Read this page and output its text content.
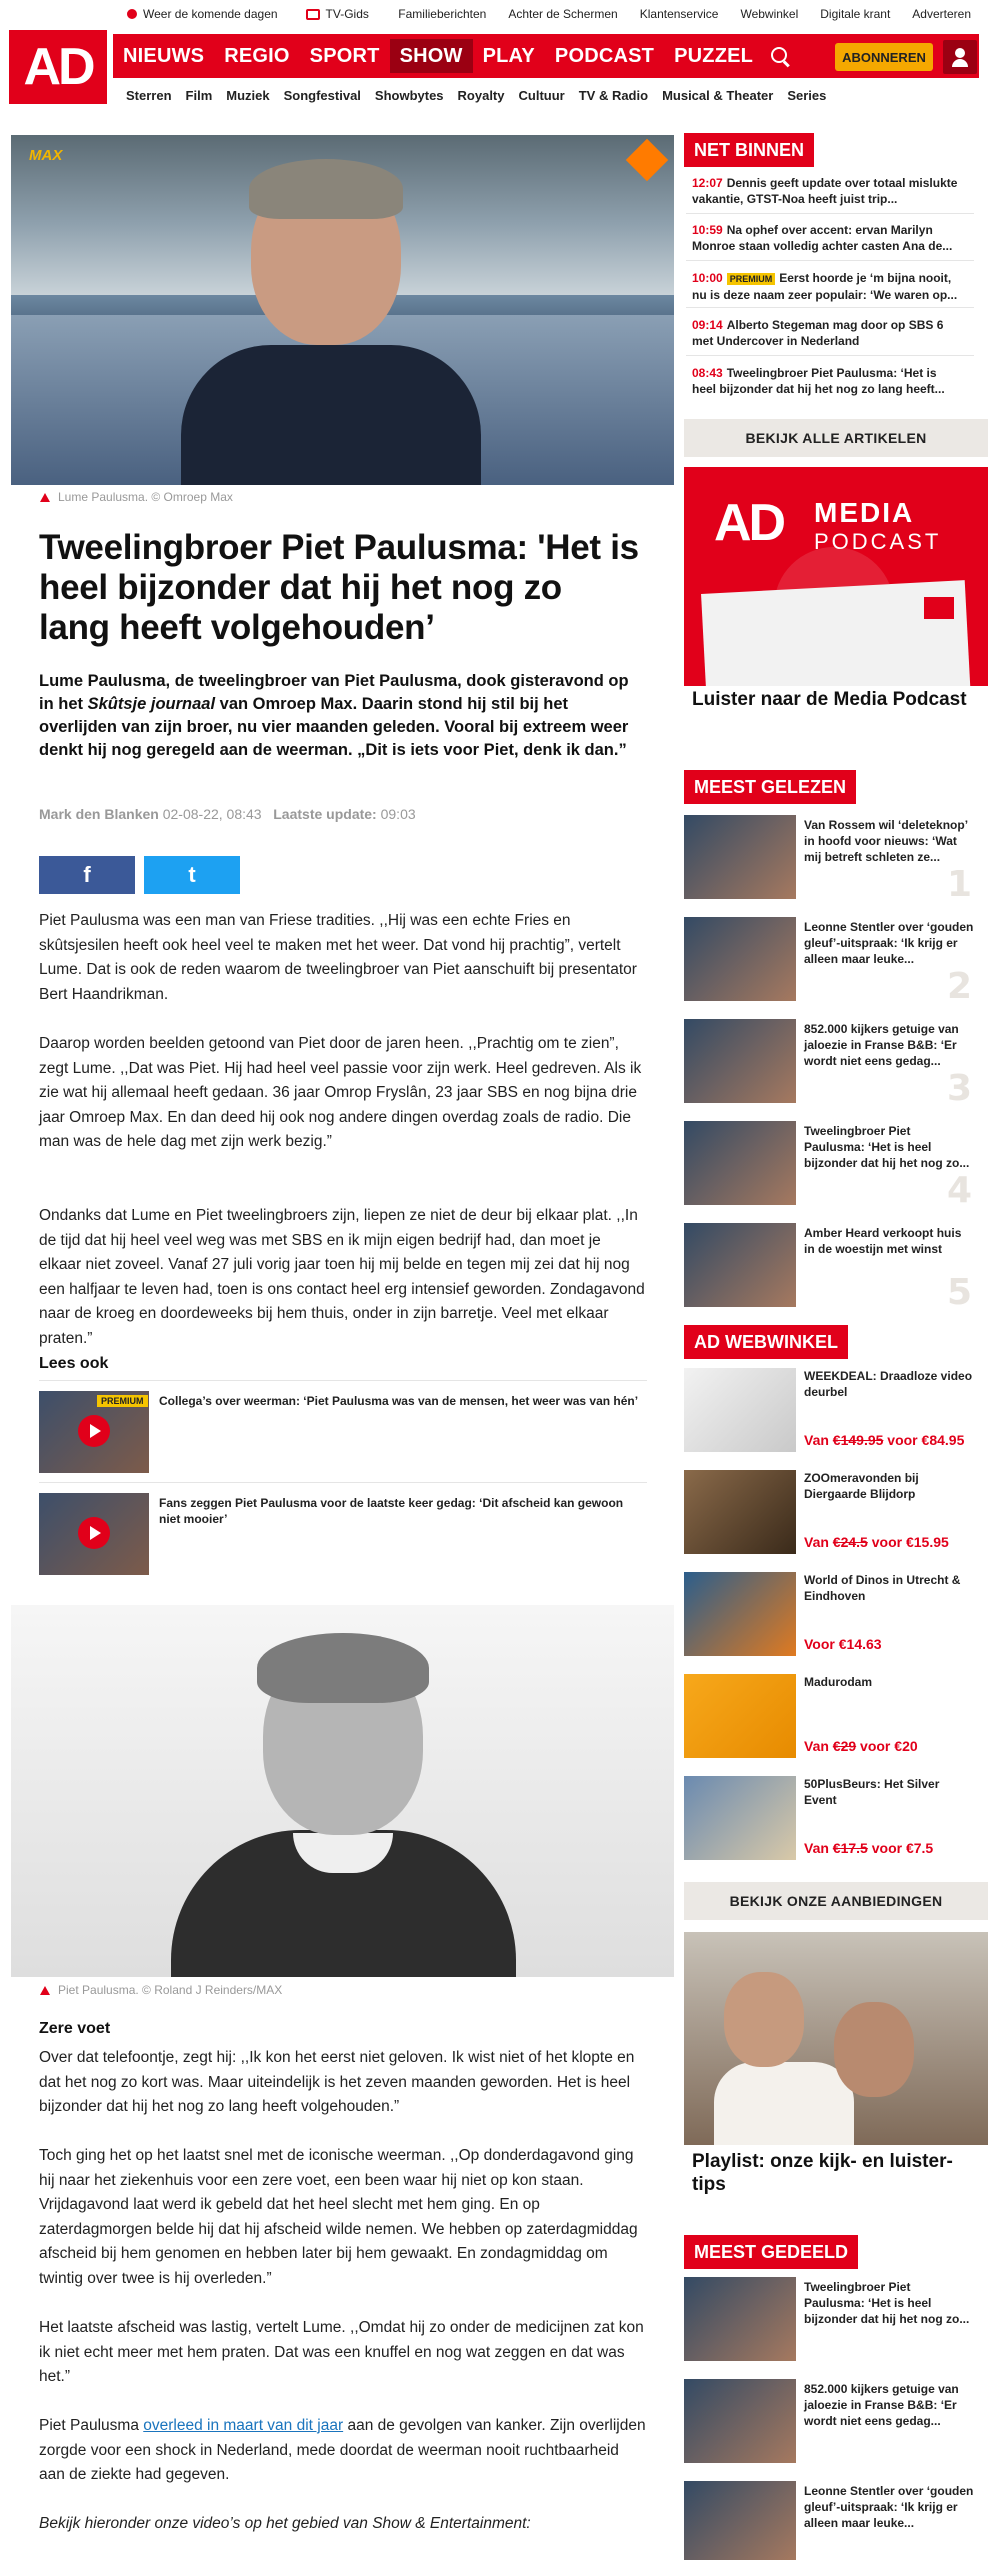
Weer de komende dagen	TV-Gids Familieberichten Achter de Schermen Klantenservice Webwinkel Digitale krant Adverteren
AD	NIEUWS	REGIO	SPORT	SHOW	PLAY	PODCAST	PUZZEL	ABONNEREN
Sterren Film Muziek Songfestival Showbytes Royalty Cultuur TV & Radio Musical & Theater Series
MAX
Lume Paulusma. © Omroep Max
Tweelingbroer Piet Paulusma: 'Het is heel bijzonder dat hij het nog zo lang heeft volgehouden’

Lume Paulusma, de tweelingbroer van Piet Paulusma, dook gisteravond op in het Skûtsje journaal van Omroep Max. Daarin stond hij stil bij het overlijden van zijn broer, nu vier maanden geleden. Vooral bij extreem weer denkt hij nog geregeld aan de weerman. „Dit is iets voor Piet, denk ik dan.”

Mark den Blanken 02-08-22, 08:43 Laatste update: 09:03
f	t

Piet Paulusma was een man van Friese tradities. ,,Hij was een echte Fries en skûtsjesilen heeft ook heel veel te maken met het weer. Dat vond hij prachtig”, vertelt Lume. Dat is ook de reden waarom de tweelingbroer van Piet aanschuift bij presentator Bert Haandrikman.

Daarop worden beelden getoond van Piet door de jaren heen. ,,Prachtig om te zien”, zegt Lume. ,,Dat was Piet. Hij had heel veel passie voor zijn werk. Heel gedreven. Als ik zie wat hij allemaal heeft gedaan. 36 jaar Omrop Fryslân, 23 jaar SBS en nog bijna drie jaar Omroep Max. En dan deed hij ook nog andere dingen overdag zoals de radio. Die man was de hele dag met zijn werk bezig.”

Ondanks dat Lume en Piet tweelingbroers zijn, liepen ze niet de deur bij elkaar plat. ,,In de tijd dat hij heel veel weg was met SBS en ik mijn eigen bedrijf had, dan moet je elkaar niet zoveel. Vanaf 27 juli vorig jaar toen hij mij belde en tegen mij zei dat hij nog een halfjaar te leven had, toen is ons contact heel erg intensief geworden. Zondagavond naar de kroeg en doordeweeks bij hem thuis, onder in zijn barretje. Veel met elkaar praten.”

Lees ook
PREMIUM	Collega’s over weerman: ‘Piet Paulusma was van de mensen, het weer was van hén’
Fans zeggen Piet Paulusma voor de laatste keer gedag: ‘Dit afscheid kan gewoon niet mooier’
Piet Paulusma. © Roland J Reinders/MAX
Zere voet

Over dat telefoontje, zegt hij: ,,Ik kon het eerst niet geloven. Ik wist niet of het klopte en dat het nog zo kort was. Maar uiteindelijk is het zeven maanden geworden. Het is heel bijzonder dat hij het nog zo lang heeft volgehouden.”

Toch ging het op het laatst snel met de iconische weerman. ,,Op donderdagavond ging hij naar het ziekenhuis voor een zere voet, een been waar hij niet op kon staan. Vrijdagavond laat werd ik gebeld dat het heel slecht met hem ging. En op zaterdagmorgen belde hij dat hij afscheid wilde nemen. We hebben op zaterdagmiddag afscheid bij hem genomen en hebben later bij hem gewaakt. En zondagmiddag om twintig over twee is hij overleden.”

Het laatste afscheid was lastig, vertelt Lume. ,,Omdat hij zo onder de medicijnen zat kon ik niet echt meer met hem praten. Dat was een knuffel en nog wat zeggen en dat was het.”

Piet Paulusma overleed in maart van dit jaar aan de gevolgen van kanker. Zijn overlijden zorgde voor een shock in Nederland, mede doordat de weerman nooit ruchtbaarheid aan de ziekte had gegeven.

Bekijk hieronder onze video’s op het gebied van Show & Entertainment:

NET BINNEN
12:07 Dennis geeft update over totaal mislukte vakantie, GTST-Noa heeft juist trip...
10:59 Na ophef over accent: ervan Marilyn Monroe staan volledig achter casten Ana de...
10:00 PREMIUM Eerst hoorde je ‘m bijna nooit, nu is deze naam zeer populair: ‘We waren op...
09:14 Alberto Stegeman mag door op SBS 6 met Undercover in Nederland
08:43 Tweelingbroer Piet Paulusma: ‘Het is heel bijzonder dat hij het nog zo lang heeft...
BEKIJK ALLE ARTIKELEN
AD MEDIA
PODCAST
Luister naar de Media Podcast
MEEST GELEZEN
Van Rossem wil ‘deleteknop’ in hoofd voor nieuws: ‘Wat mij betreft schleten ze...
1
Leonne Stentler over ‘gouden gleuf’-uitspraak: ‘Ik krijg er alleen maar leuke...
2
852.000 kijkers getuige van jaloezie in Franse B&B: ‘Er wordt niet eens gedag...
3
Tweelingbroer Piet Paulusma: ‘Het is heel bijzonder dat hij het nog zo...
4
Amber Heard verkoopt huis in de woestijn met winst
5
AD WEBWINKEL
WEEKDEAL: Draadloze video deurbel
Van €149.95 voor €84.95
ZOOmeravonden bij Diergaarde Blijdorp
Van €24.5 voor €15.95
World of Dinos in Utrecht & Eindhoven
Voor €14.63
Madurodam
Van €29 voor €20
50PlusBeurs: Het Silver Event
Van €17.5 voor €7.5
BEKIJK ONZE AANBIEDINGEN
Playlist: onze kijk- en luister-tips
MEEST GEDEELD
Tweelingbroer Piet Paulusma: ‘Het is heel bijzonder dat hij het nog zo...
852.000 kijkers getuige van jaloezie in Franse B&B: ‘Er wordt niet eens gedag...
Leonne Stentler over ‘gouden gleuf’-uitspraak: ‘Ik krijg er alleen maar leuke...
